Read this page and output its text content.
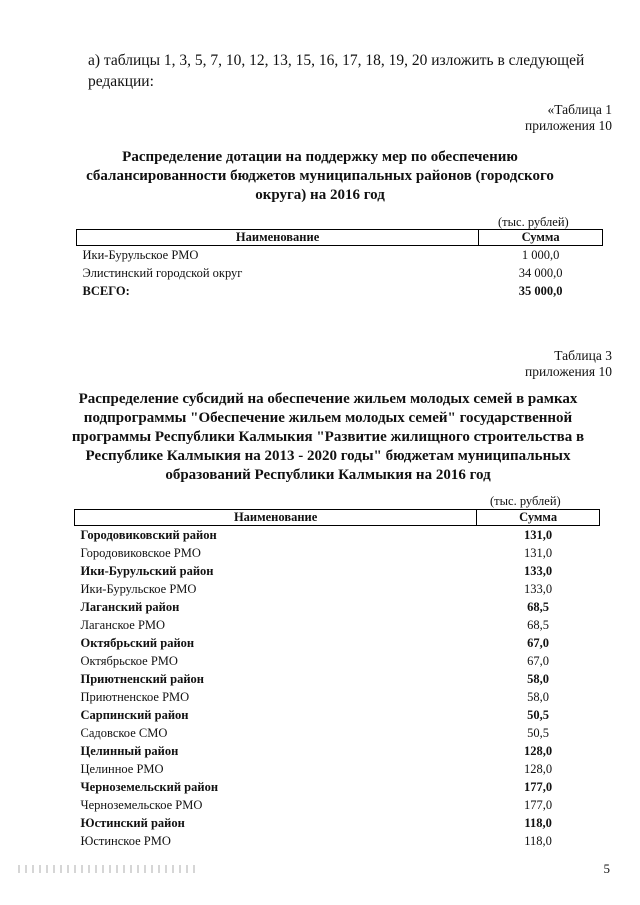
а) таблицы 1, 3, 5, 7, 10, 12, 13, 15, 16, 17, 18, 19, 20 изложить в следующей редакции:
«Таблица 1
приложения 10
Распределение дотации на поддержку мер по обеспечению сбалансированности бюджетов муниципальных районов (городского округа) на 2016 год
(тыс. рублей)
Наименование	Сумма
Ики-Бурульское РМО	1 000,0
Элистинский городской округ	34 000,0
ВСЕГО:	35 000,0
Таблица 3
приложения 10
Распределение субсидий на обеспечение жильем молодых семей в рамках подпрограммы "Обеспечение жильем молодых семей" государственной программы Республики Калмыкия "Развитие жилищного строительства в Республике Калмыкия на 2013 - 2020 годы" бюджетам муниципальных образований Республики Калмыкия на 2016 год
(тыс. рублей)
Наименование	Сумма
Городовиковский район	131,0
Городовиковское РМО	131,0
Ики-Бурульский район	133,0
Ики-Бурульское РМО	133,0
Лаганский район	68,5
Лаганское РМО	68,5
Октябрьский район	67,0
Октябрьское РМО	67,0
Приютненский район	58,0
Приютненское РМО	58,0
Сарпинский район	50,5
Садовское СМО	50,5
Целинный район	128,0
Целинное РМО	128,0
Черноземельский район	177,0
Черноземельское РМО	177,0
Юстинский район	118,0
Юстинское РМО	118,0
5
